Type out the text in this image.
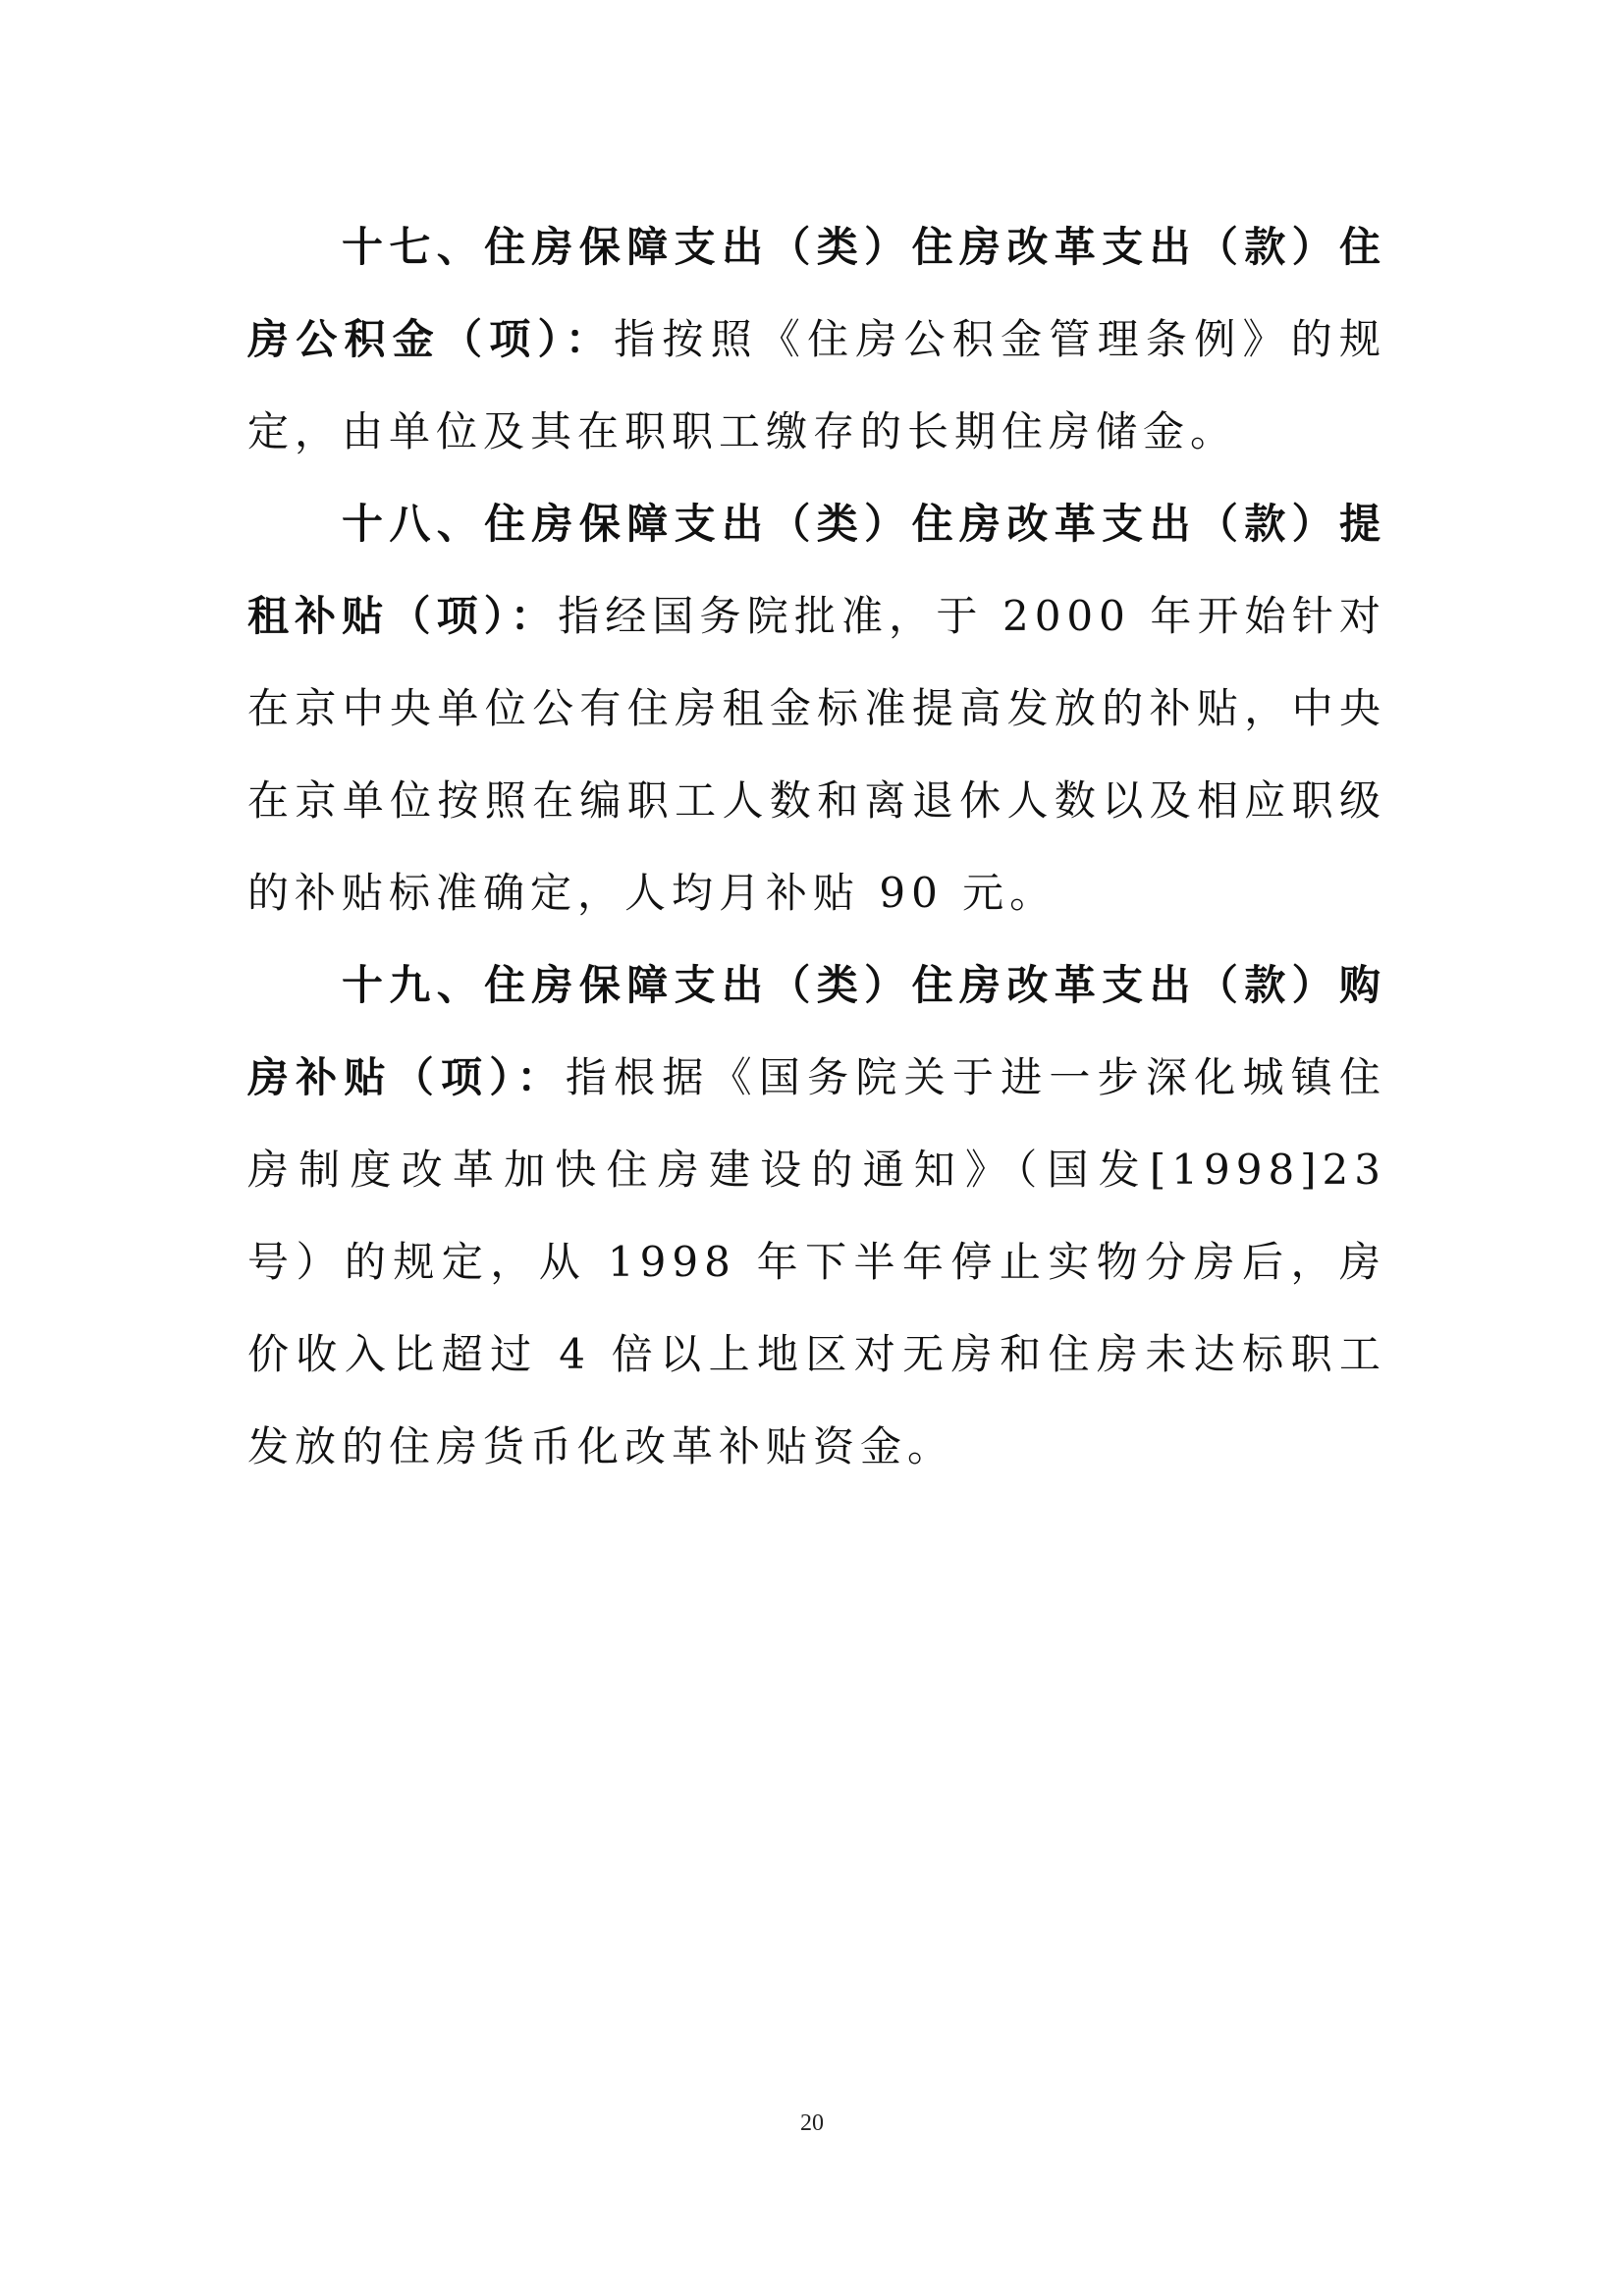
十七、住房保障支出（类）住房改革支出（款）住房公积金（项）：指按照《住房公积金管理条例》的规定，由单位及其在职职工缴存的长期住房储金。

十八、住房保障支出（类）住房改革支出（款）提租补贴（项）：指经国务院批准，于 2000 年开始针对在京中央单位公有住房租金标准提高发放的补贴，中央在京单位按照在编职工人数和离退休人数以及相应职级的补贴标准确定，人均月补贴 90 元。

十九、住房保障支出（类）住房改革支出（款）购房补贴（项）：指根据《国务院关于进一步深化城镇住房制度改革加快住房建设的通知》（国发[1998]23 号）的规定，从 1998 年下半年停止实物分房后，房价收入比超过 4 倍以上地区对无房和住房未达标职工发放的住房货币化改革补贴资金。

20
